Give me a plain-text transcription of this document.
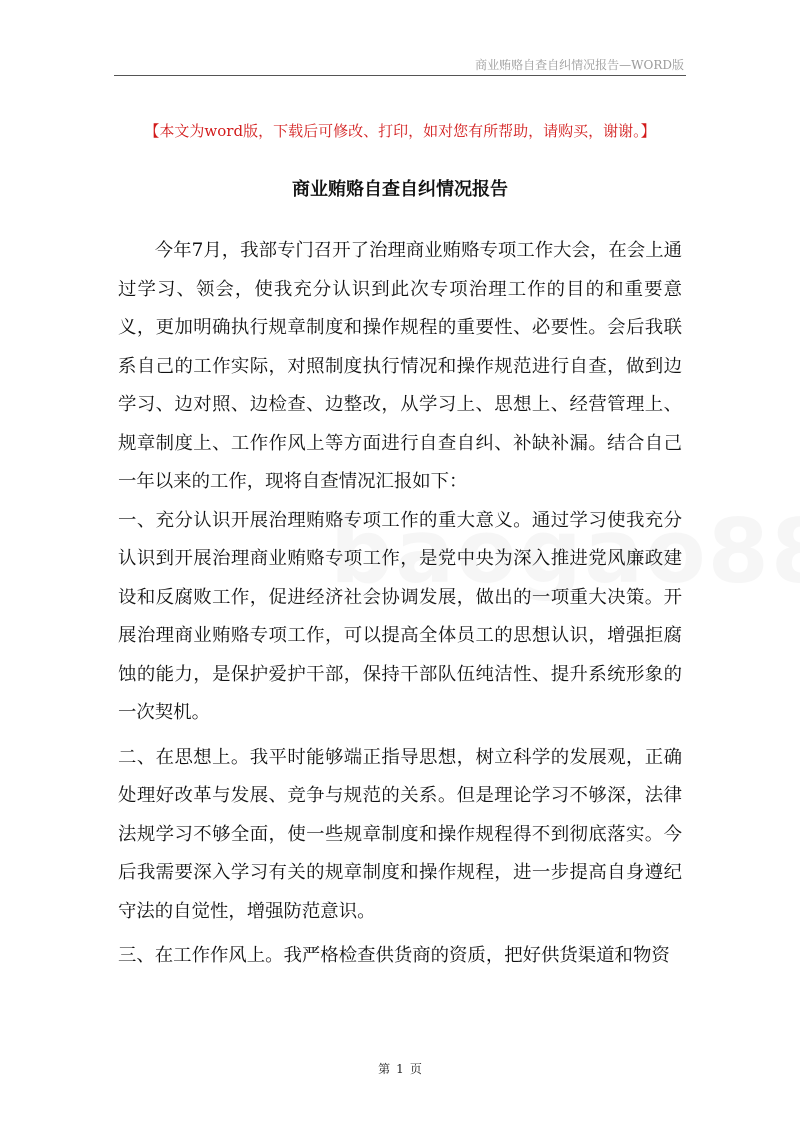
商业贿赂自查自纠情况报告—WORD版
【本文为word版，下载后可修改、打印，如对您有所帮助，请购买，谢谢。】
商业贿赂自查自纠情况报告

今年7月，我部专门召开了治理商业贿赂专项工作大会，在会上通过学习、领会，使我充分认识到此次专项治理工作的目的和重要意义，更加明确执行规章制度和操作规程的重要性、必要性。会后我联系自己的工作实际，对照制度执行情况和操作规范进行自查，做到边学习、边对照、边检查、边整改，从学习上、思想上、经营管理上、规章制度上、工作作风上等方面进行自查自纠、补缺补漏。结合自己一年以来的工作，现将自查情况汇报如下：

一、充分认识开展治理贿赂专项工作的重大意义。通过学习使我充分认识到开展治理商业贿赂专项工作，是党中央为深入推进党风廉政建设和反腐败工作，促进经济社会协调发展，做出的一项重大决策。开展治理商业贿赂专项工作，可以提高全体员工的思想认识，增强拒腐蚀的能力，是保护爱护干部，保持干部队伍纯洁性、提升系统形象的一次契机。

二、在思想上。我平时能够端正指导思想，树立科学的发展观，正确处理好改革与发展、竞争与规范的关系。但是理论学习不够深，法律法规学习不够全面，使一些规章制度和操作规程得不到彻底落实。今后我需要深入学习有关的规章制度和操作规程，进一步提高自身遵纪守法的自觉性，增强防范意识。

三、在工作作风上。我严格检查供货商的资质，把好供货渠道和物资

第 1 页
